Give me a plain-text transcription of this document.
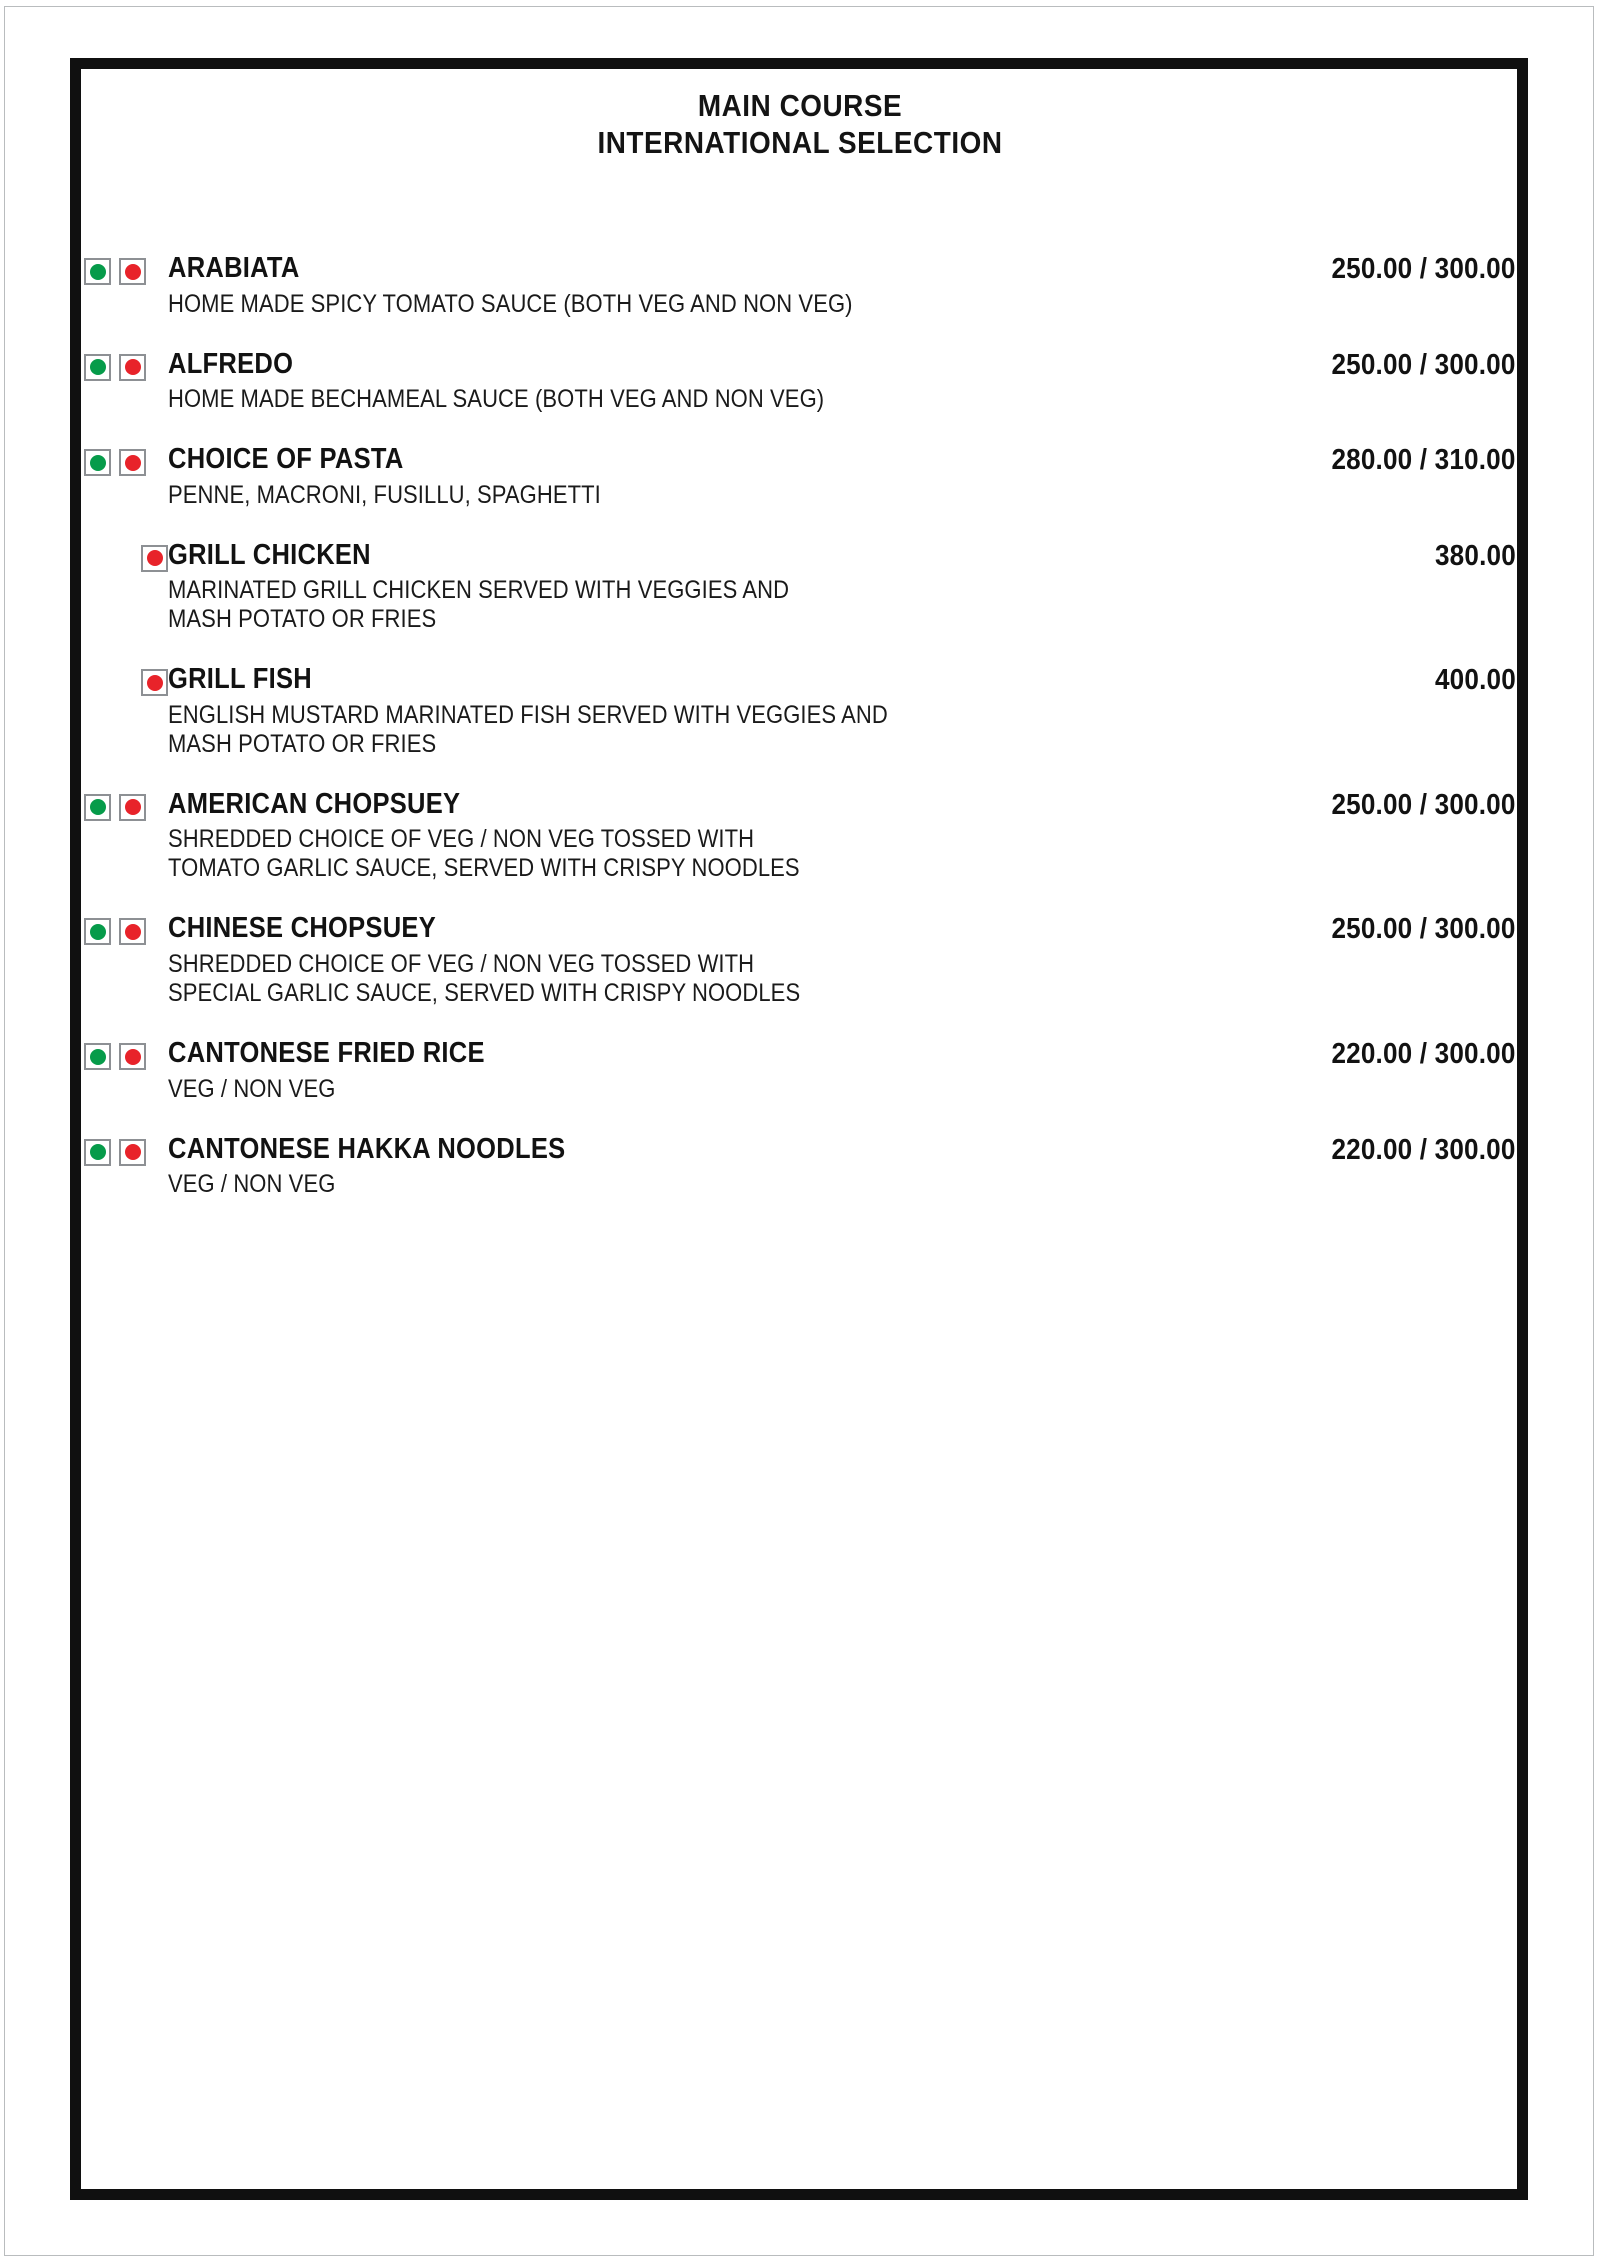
MAIN COURSE
INTERNATIONAL SELECTION
ARABIATA
HOME MADE SPICY TOMATO SAUCE (BOTH VEG AND NON VEG)
250.00 / 300.00
ALFREDO
HOME MADE BECHAMEAL SAUCE (BOTH VEG AND NON VEG)
250.00 / 300.00
CHOICE OF PASTA
PENNE, MACRONI, FUSILLU, SPAGHETTI
280.00 / 310.00
GRILL CHICKEN
MARINATED GRILL CHICKEN SERVED WITH VEGGIES AND
MASH POTATO OR FRIES
380.00
GRILL FISH
ENGLISH MUSTARD MARINATED FISH SERVED WITH VEGGIES AND
MASH POTATO OR FRIES
400.00
AMERICAN CHOPSUEY
SHREDDED CHOICE OF VEG / NON VEG TOSSED WITH
TOMATO GARLIC SAUCE, SERVED WITH CRISPY NOODLES
250.00 / 300.00
CHINESE CHOPSUEY
SHREDDED CHOICE OF VEG / NON VEG TOSSED WITH
SPECIAL GARLIC SAUCE, SERVED WITH CRISPY NOODLES
250.00 / 300.00
CANTONESE FRIED RICE
VEG / NON VEG
220.00 / 300.00
CANTONESE HAKKA NOODLES
VEG / NON VEG
220.00 / 300.00
